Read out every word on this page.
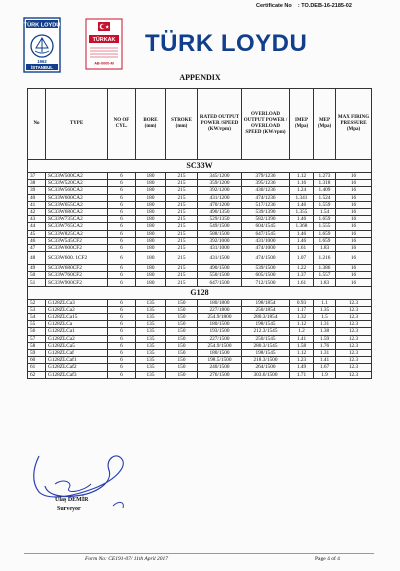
Certificate No : TO.DEB-16-2185-02
TÜRK LOYDU
1962
İSTANBUL
TÜRKAK
AB-0000-M
TÜRK LOYDU
APPENDIX
No	TYPE	NO OF CYL.	BORE (mm)	STROKE (mm)	RATED OUTPUT POWER /SPEED (KW/rpm)	OVERLOAD OUTPUT POWER / OVERLOAD SPEED (KW/rpm)	IMEP (Mpa)	MEP (Mpa)	MAX FIRING PRESSURE (Mpa)
SC33W									
37	SC33W500CA2	6	180	215	345/1200	379/1236	1.12	1.273	16
38	SC33W520CA2	6	180	215	359/1200	395/1236	1.16	1.318	16
39	SC33W560CA2	6	180	215	392/1200	430/1236	1.24	1.409	16
40	SC33W600CA2	6	180	215	431/1200	474/1236	1.341	1.524	16
41	SC33W655CA2	6	180	215	470/1200	517/1236	1.46	1.559	16
42	SC33W680CA2	6	180	215	490/1350	539/1390	1.355	1.54	16
43	SC33W735CA2	6	180	215	529/1350	582/1390	1.46	1.659	16
44	SC33W765CA2	6	180	215	549/1500	604/1545	1.368	1.555	16
45	SC33W825CA2	6	180	215	588/1500	647/1545	1.46	1.659	16
46	SC33W545CF2	6	180	215	392/1000	431/1000	1.46	1.659	16
47	SC33W600CF2	6	180	215	431/1000	474/1000	1.61	1.83	16
48	SC33W600. 1CF2	6	180	215	431/1500	474/1500	1.07	1.216	16
49	SC33W680CF2	6	180	215	490/1500	539/1500	1.22	1.386	16
50	SC33W760CF2	6	180	215	550/1500	605/1500	1.37	1.557	16
51	SC33W900CF2	6	180	215	647/1500	712/1500	1.61	1.83	16
G128									
52	G128ZLCa3	6	135	150	180/1800	198/1854	0.93	1.1	12.3
53	G128ZLCa2	6	135	150	227/1800	250/1854	1.17	1.35	12.3
54	G128ZLCa15	6	135	150	254.9/1800	280.3/1854	1.32	1.5	12.3
55	G128ZLCa	6	135	150	180/1500	198/1545	1.12	1.31	12.3
56	G128ZLCa1	6	135	150	193/1500	212.3/1545	1.2	1.38	12.3
57	G128ZLCa2	6	135	150	227/1500	250/1545	1.41	1.59	12.3
58	G128ZLCa5	6	135	150	254.9/1500	280.3/1545	1.58	1.76	12.3
59	G128ZLCaf	6	135	150	180/1500	198/1545	1.12	1.31	12.3
60	G128ZLCaf1	6	135	150	198.5/1500	218.3/1500	1.23	1.41	12.3
61	G128ZLCaf2	6	135	150	240/1500	264/1500	1.49	1.67	12.3
62	G128ZLCaf3	6	135	150	276/1500	303.6/1500	1.71	1.9	12.3
Ulaş DEMİR
Surveyor
Form No: CE191-07/ 11th April 2017	Page 4 of 4
